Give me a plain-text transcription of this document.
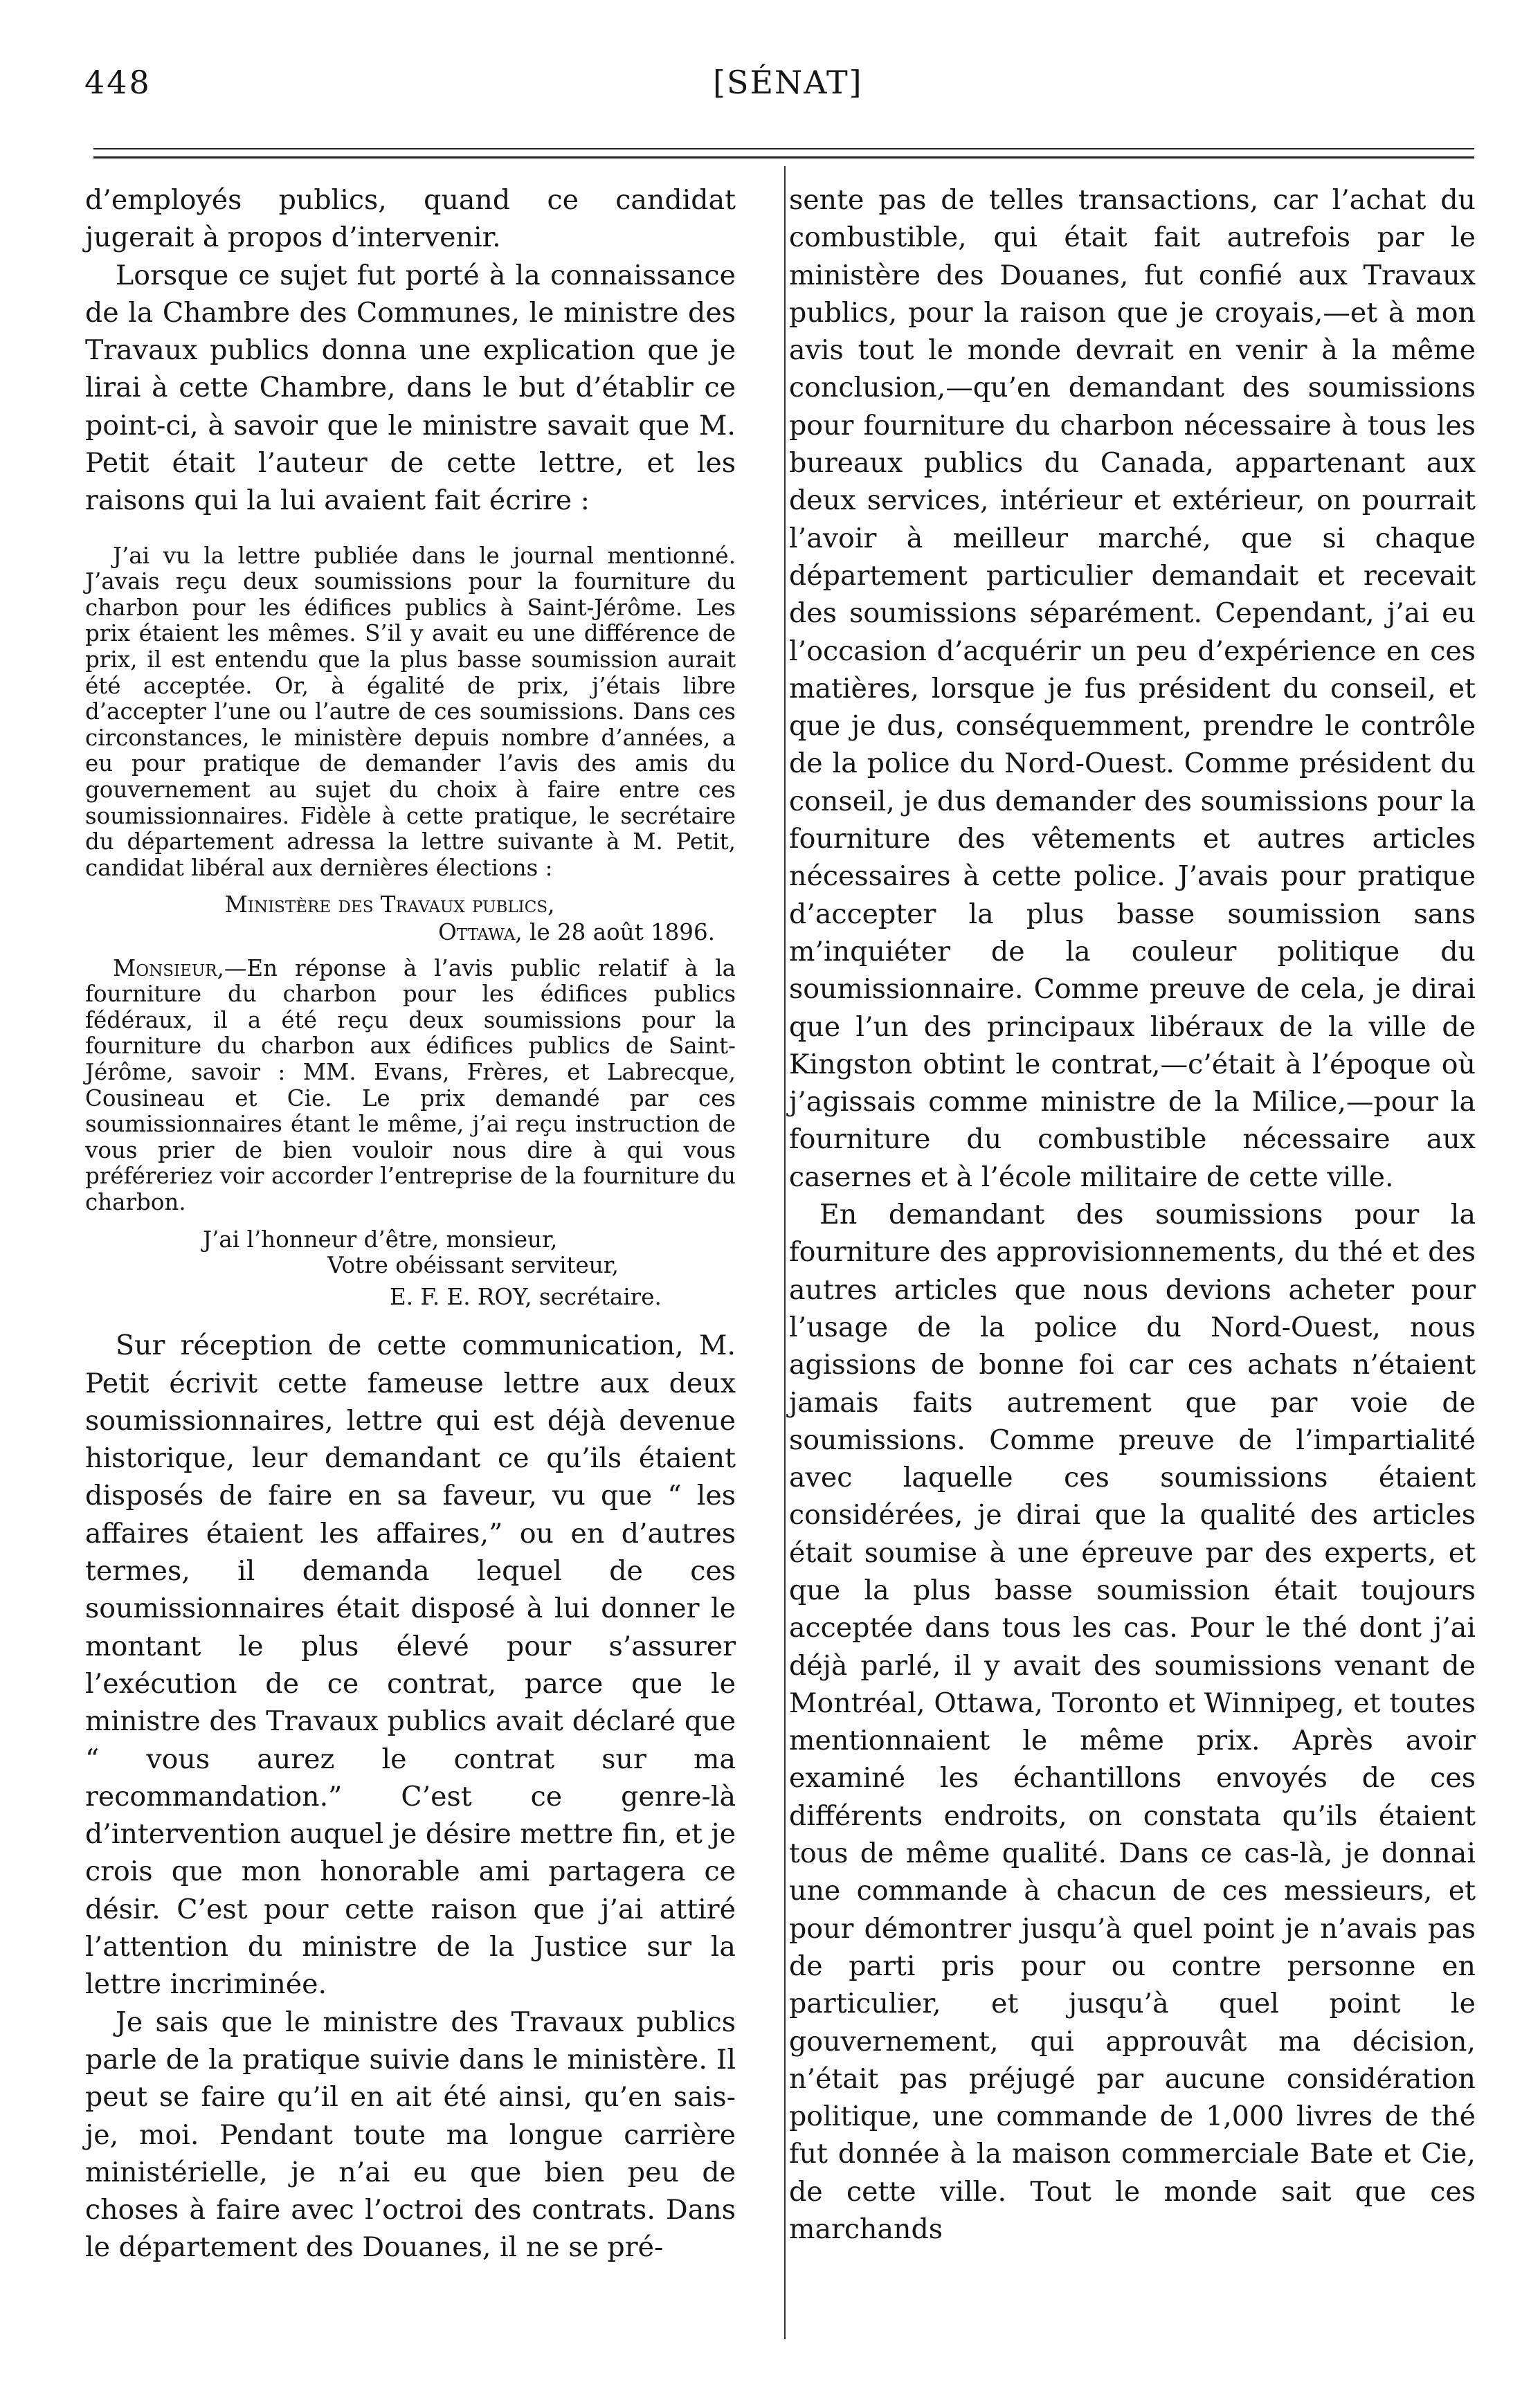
448	[SÉNAT]

d’employés publics, quand ce candidat jugerait à propos d’intervenir.

Lorsque ce sujet fut porté à la connaissance de la Chambre des Communes, le ministre des Travaux publics donna une explication que je lirai à cette Chambre, dans le but d’établir ce point-ci, à savoir que le ministre savait que M. Petit était l’auteur de cette lettre, et les raisons qui la lui avaient fait écrire :

J’ai vu la lettre publiée dans le journal mentionné. J’avais reçu deux soumissions pour la fourniture du charbon pour les édifices publics à Saint-Jérôme. Les prix étaient les mêmes. S’il y avait eu une différence de prix, il est entendu que la plus basse soumission aurait été acceptée. Or, à égalité de prix, j’étais libre d’accepter l’une ou l’autre de ces soumissions. Dans ces circonstances, le ministère depuis nombre d’années, a eu pour pratique de demander l’avis des amis du gouvernement au sujet du choix à faire entre ces soumissionnaires. Fidèle à cette pratique, le secrétaire du département adressa la lettre suivante à M. Petit, candidat libéral aux dernières élections :

Ministère des Travaux publics,

Ottawa, le 28 août 1896.

Monsieur,—En réponse à l’avis public relatif à la fourniture du charbon pour les édifices publics fédéraux, il a été reçu deux soumissions pour la fourniture du charbon aux édifices publics de Saint-Jérôme, savoir : MM. Evans, Frères, et Labrecque, Cousineau et Cie. Le prix demandé par ces soumissionnaires étant le même, j’ai reçu instruction de vous prier de bien vouloir nous dire à qui vous préféreriez voir accorder l’entreprise de la fourniture du charbon.

J’ai l’honneur d’être, monsieur,

Votre obéissant serviteur,

E. F. E. ROY, secrétaire.

Sur réception de cette communication, M. Petit écrivit cette fameuse lettre aux deux soumissionnaires, lettre qui est déjà devenue historique, leur demandant ce qu’ils étaient disposés de faire en sa faveur, vu que “ les affaires étaient les affaires,” ou en d’autres termes, il demanda lequel de ces soumissionnaires était disposé à lui donner le montant le plus élevé pour s’assurer l’exécution de ce contrat, parce que le ministre des Travaux publics avait déclaré que “ vous aurez le contrat sur ma recommandation.” C’est ce genre-là d’intervention auquel je désire mettre fin, et je crois que mon honorable ami partagera ce désir. C’est pour cette raison que j’ai attiré l’attention du ministre de la Justice sur la lettre incriminée.

Je sais que le ministre des Travaux publics parle de la pratique suivie dans le ministère. Il peut se faire qu’il en ait été ainsi, qu’en sais-je, moi. Pendant toute ma longue carrière ministérielle, je n’ai eu que bien peu de choses à faire avec l’octroi des contrats. Dans le département des Douanes, il ne se pré-

sente pas de telles transactions, car l’achat du combustible, qui était fait autrefois par le ministère des Douanes, fut confié aux Travaux publics, pour la raison que je croyais,—et à mon avis tout le monde devrait en venir à la même conclusion,—qu’en demandant des soumissions pour fourniture du charbon nécessaire à tous les bureaux publics du Canada, appartenant aux deux services, intérieur et extérieur, on pourrait l’avoir à meilleur marché, que si chaque département particulier demandait et recevait des soumissions séparément. Cependant, j’ai eu l’occasion d’acquérir un peu d’expérience en ces matières, lorsque je fus président du conseil, et que je dus, conséquemment, prendre le contrôle de la police du Nord-Ouest. Comme président du conseil, je dus demander des soumissions pour la fourniture des vêtements et autres articles nécessaires à cette police. J’avais pour pratique d’accepter la plus basse soumission sans m’inquiéter de la couleur politique du soumissionnaire. Comme preuve de cela, je dirai que l’un des principaux libéraux de la ville de Kingston obtint le contrat,—c’était à l’époque où j’agissais comme ministre de la Milice,—pour la fourniture du combustible nécessaire aux casernes et à l’école militaire de cette ville.

En demandant des soumissions pour la fourniture des approvisionnements, du thé et des autres articles que nous devions acheter pour l’usage de la police du Nord-Ouest, nous agissions de bonne foi car ces achats n’étaient jamais faits autrement que par voie de soumissions. Comme preuve de l’impartialité avec laquelle ces soumissions étaient considérées, je dirai que la qualité des articles était soumise à une épreuve par des experts, et que la plus basse soumission était toujours acceptée dans tous les cas. Pour le thé dont j’ai déjà parlé, il y avait des soumissions venant de Montréal, Ottawa, Toronto et Winnipeg, et toutes mentionnaient le même prix. Après avoir examiné les échantillons envoyés de ces différents endroits, on constata qu’ils étaient tous de même qualité. Dans ce cas-là, je donnai une commande à chacun de ces messieurs, et pour démontrer jusqu’à quel point je n’avais pas de parti pris pour ou contre personne en particulier, et jusqu’à quel point le gouvernement, qui approuvât ma décision, n’était pas préjugé par aucune considération politique, une commande de 1,000 livres de thé fut donnée à la maison commerciale Bate et Cie, de cette ville. Tout le monde sait que ces marchands
